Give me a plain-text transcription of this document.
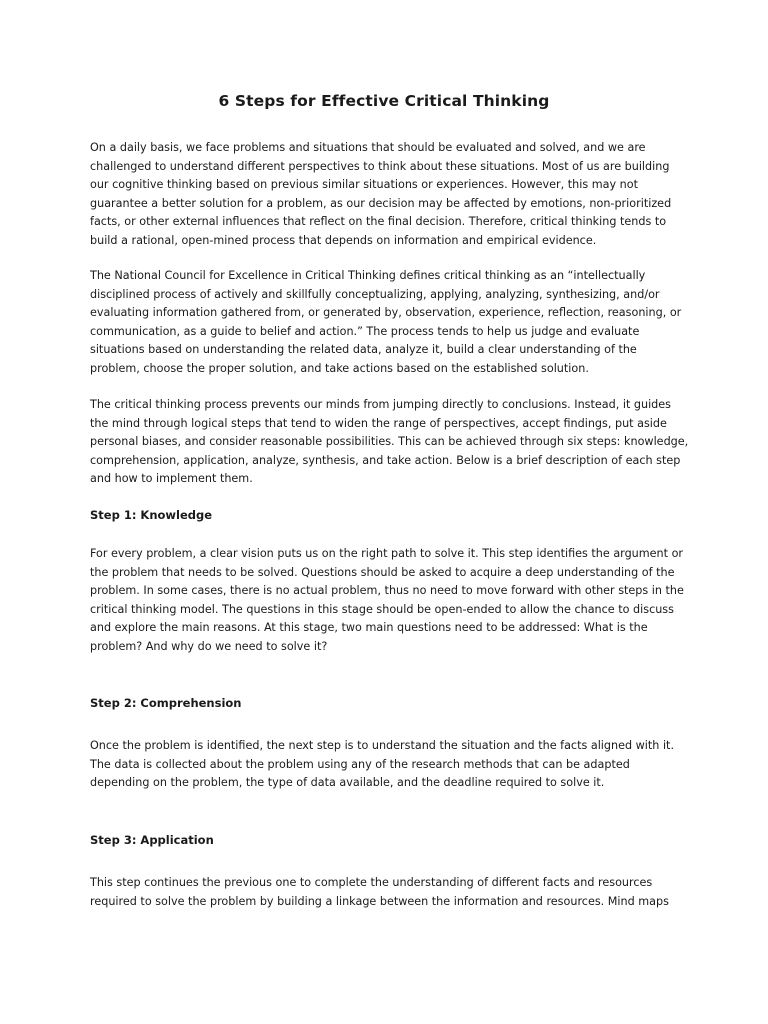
6 Steps for Effective Critical Thinking

On a daily basis, we face problems and situations that should be evaluated and solved, and we are challenged to understand different perspectives to think about these situations. Most of us are building our cognitive thinking based on previous similar situations or experiences. However, this may not guarantee a better solution for a problem, as our decision may be affected by emotions, non-prioritized facts, or other external influences that reflect on the final decision. Therefore, critical thinking tends to build a rational, open-mined process that depends on information and empirical evidence.

The National Council for Excellence in Critical Thinking defines critical thinking as an “intellectually disciplined process of actively and skillfully conceptualizing, applying, analyzing, synthesizing, and/or evaluating information gathered from, or generated by, observation, experience, reflection, reasoning, or communication, as a guide to belief and action.” The process tends to help us judge and evaluate situations based on understanding the related data, analyze it, build a clear understanding of the problem, choose the proper solution, and take actions based on the established solution.

The critical thinking process prevents our minds from jumping directly to conclusions. Instead, it guides the mind through logical steps that tend to widen the range of perspectives, accept findings, put aside personal biases, and consider reasonable possibilities. This can be achieved through six steps: knowledge, comprehension, application, analyze, synthesis, and take action. Below is a brief description of each step and how to implement them.

Step 1: Knowledge

For every problem, a clear vision puts us on the right path to solve it. This step identifies the argument or the problem that needs to be solved. Questions should be asked to acquire a deep understanding of the problem. In some cases, there is no actual problem, thus no need to move forward with other steps in the critical thinking model. The questions in this stage should be open-ended to allow the chance to discuss and explore the main reasons. At this stage, two main questions need to be addressed: What is the problem? And why do we need to solve it?

Step 2: Comprehension

Once the problem is identified, the next step is to understand the situation and the facts aligned with it. The data is collected about the problem using any of the research methods that can be adapted depending on the problem, the type of data available, and the deadline required to solve it.

Step 3: Application

This step continues the previous one to complete the understanding of different facts and resources required to solve the problem by building a linkage between the information and resources. Mind maps
